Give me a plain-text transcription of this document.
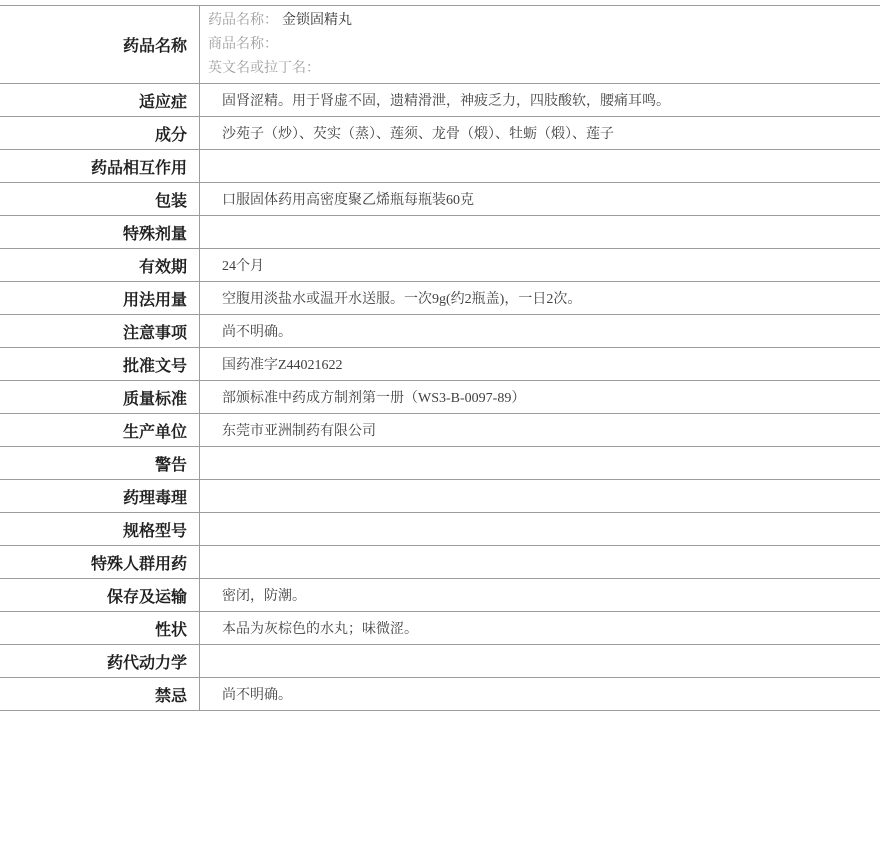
药品名称
药品名称： 金锁固精丸
商品名称：
英文名或拉丁名：
适应症	固肾涩精。用于肾虚不固，遗精滑泄，神疲乏力，四肢酸软，腰痛耳鸣。
成分	沙苑子（炒）、芡实（蒸）、莲须、龙骨（煅）、牡蛎（煅）、莲子
药品相互作用
包装	口服固体药用高密度聚乙烯瓶每瓶装60克
特殊剂量
有效期	24个月
用法用量	空腹用淡盐水或温开水送服。一次9g(约2瓶盖)，一日2次。
注意事项	尚不明确。
批准文号	国药准字Z44021622
质量标准	部颁标准中药成方制剂第一册（WS3-B-0097-89）
生产单位	东莞市亚洲制药有限公司
警告
药理毒理
规格型号
特殊人群用药
保存及运输	密闭，防潮。
性状	本品为灰棕色的水丸；味微涩。
药代动力学
禁忌	尚不明确。
